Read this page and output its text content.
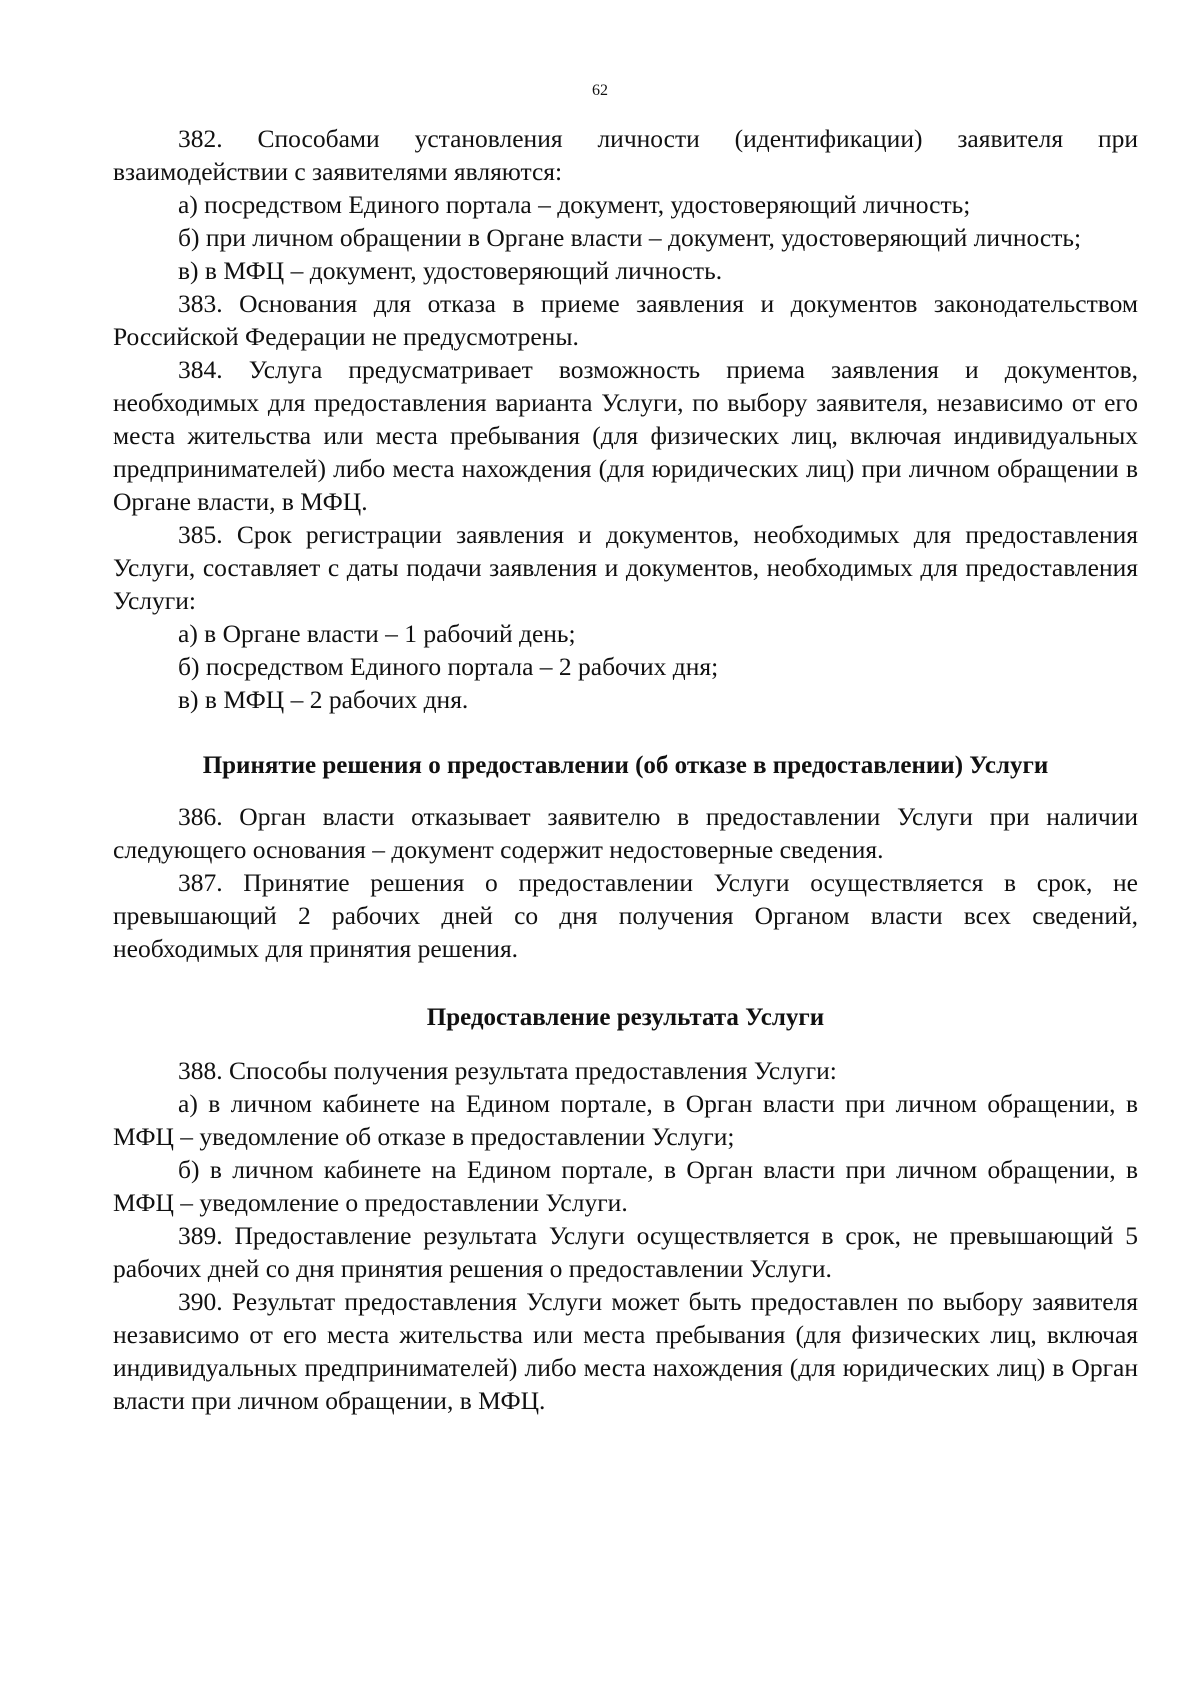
62

382. Способами установления личности (идентификации) заявителя при взаимодействии с заявителями являются:

а) посредством Единого портала – документ, удостоверяющий личность;

б) при личном обращении в Органе власти – документ, удостоверяющий личность;

в) в МФЦ – документ, удостоверяющий личность.

383. Основания для отказа в приеме заявления и документов законодательством Российской Федерации не предусмотрены.

384. Услуга предусматривает возможность приема заявления и документов, необходимых для предоставления варианта Услуги, по выбору заявителя, независимо от его места жительства или места пребывания (для физических лиц, включая индивидуальных предпринимателей) либо места нахождения (для юридических лиц) при личном обращении в Органе власти, в МФЦ.

385. Срок регистрации заявления и документов, необходимых для предоставления Услуги, составляет с даты подачи заявления и документов, необходимых для предоставления Услуги:

а) в Органе власти – 1 рабочий день;

б) посредством Единого портала – 2 рабочих дня;

в) в МФЦ – 2 рабочих дня.

Принятие решения о предоставлении (об отказе в предоставлении) Услуги

386. Орган власти отказывает заявителю в предоставлении Услуги при наличии следующего основания – документ содержит недостоверные сведения.

387. Принятие решения о предоставлении Услуги осуществляется в срок, не превышающий 2 рабочих дней со дня получения Органом власти всех сведений, необходимых для принятия решения.

Предоставление результата Услуги

388. Способы получения результата предоставления Услуги:

а) в личном кабинете на Едином портале, в Орган власти при личном обращении, в МФЦ – уведомление об отказе в предоставлении Услуги;

б) в личном кабинете на Едином портале, в Орган власти при личном обращении, в МФЦ – уведомление о предоставлении Услуги.

389. Предоставление результата Услуги осуществляется в срок, не превышающий 5 рабочих дней со дня принятия решения о предоставлении Услуги.

390. Результат предоставления Услуги может быть предоставлен по выбору заявителя независимо от его места жительства или места пребывания (для физических лиц, включая индивидуальных предпринимателей) либо места нахождения (для юридических лиц) в Орган власти при личном обращении, в МФЦ.
